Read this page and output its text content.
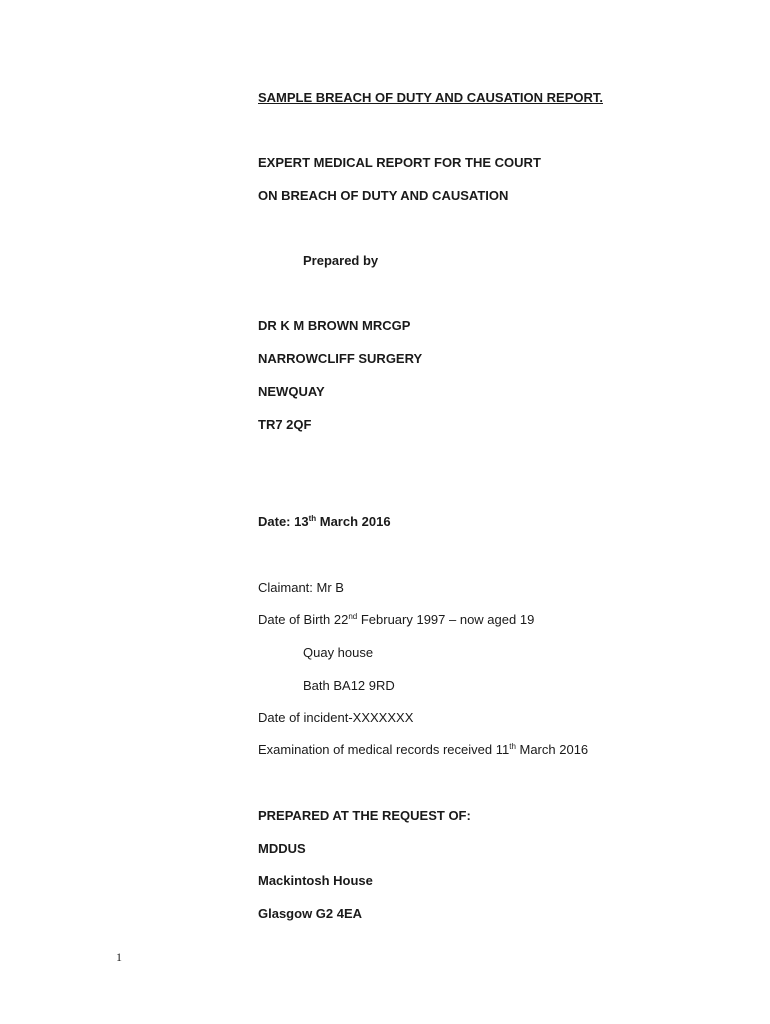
SAMPLE BREACH OF DUTY AND CAUSATION REPORT.
EXPERT MEDICAL REPORT FOR THE COURT
ON BREACH OF DUTY AND CAUSATION
Prepared by
DR K M BROWN MRCGP
NARROWCLIFF SURGERY
NEWQUAY
TR7 2QF
Date: 13th March 2016
Claimant: Mr B
Date of Birth 22nd February 1997 – now aged 19
Quay house
Bath BA12 9RD
Date of incident-XXXXXXX
Examination of medical records received 11th March 2016
PREPARED AT THE REQUEST OF:
MDDUS
Mackintosh House
Glasgow G2 4EA
1
